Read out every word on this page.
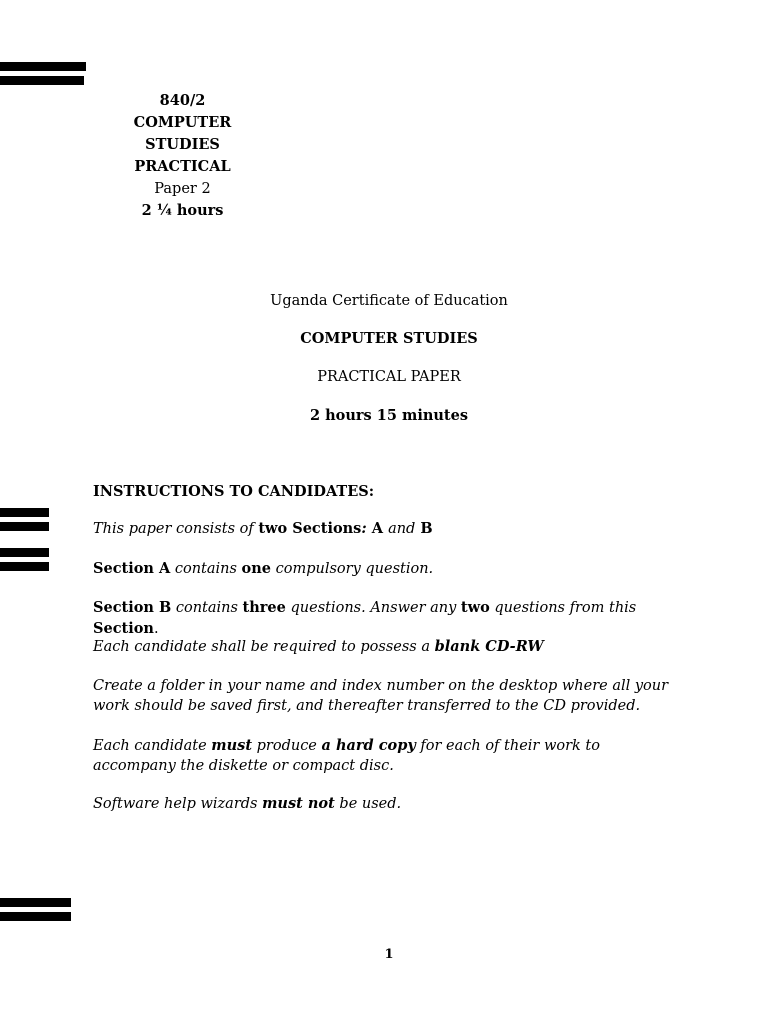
840/2
COMPUTER
STUDIES
PRACTICAL
Paper 2
2 ¼ hours
Uganda Certificate of Education
COMPUTER STUDIES
PRACTICAL PAPER
2 hours 15 minutes
INSTRUCTIONS TO CANDIDATES:
This paper consists of two Sections: A and B
Section A contains one compulsory question.
Section B contains three questions. Answer any two questions from this Section.
Each candidate shall be required to possess a blank CD-RW
Create a folder in your name and index number on the desktop where all your work should be saved first, and thereafter transferred to the CD provided.
Each candidate must produce a hard copy for each of their work to accompany the diskette or compact disc.
Software help wizards must not be used.
1
